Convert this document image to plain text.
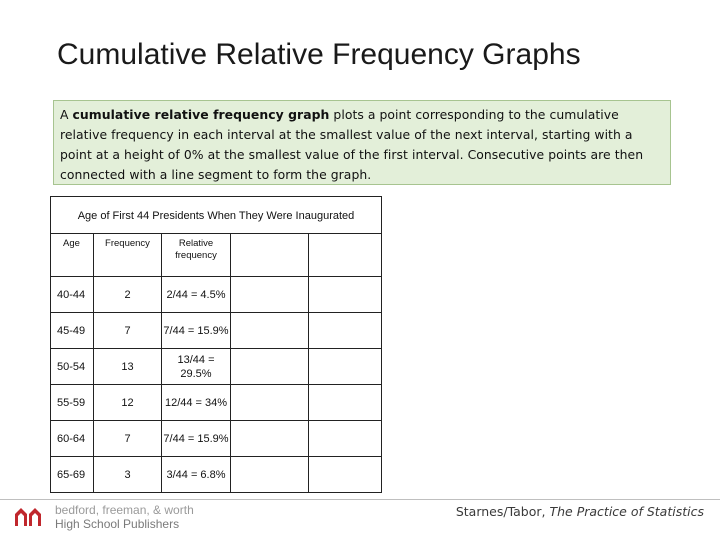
Cumulative Relative Frequency Graphs
A cumulative relative frequency graph plots a point corresponding to the cumulative relative frequency in each interval at the smallest value of the next interval, starting with a point at a height of 0% at the smallest value of the first interval. Consecutive points are then connected with a line segment to form the graph.
Age of First 44 Presidents When They Were Inaugurated				
Age	Frequency	Relative frequency		
40-44	2	2/44 = 4.5%		
45-49	7	7/44 = 15.9%		
50-54	13	13/44 = 29.5%		
55-59	12	12/44 = 34%		
60-64	7	7/44 = 15.9%		
65-69	3	3/44 = 6.8%		
bedford, freeman, & worth
High School Publishers
Starnes/Tabor, The Practice of Statistics
